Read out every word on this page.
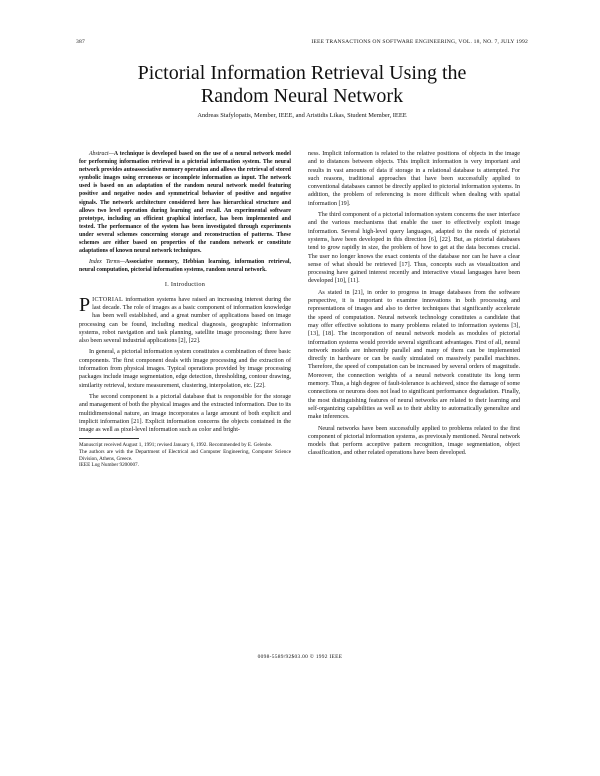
387	IEEE TRANSACTIONS ON SOFTWARE ENGINEERING, VOL. 18, NO. 7, JULY 1992
Pictorial Information Retrieval Using the
Random Neural Network
Andreas Stafylopatis, Member, IEEE, and Aristidis Likas, Student Member, IEEE

Abstract—A technique is developed based on the use of a neural network model for performing information retrieval in a pictorial information system. The neural network provides autoassociative memory operation and allows the retrieval of stored symbolic images using erroneous or incomplete information as input. The network used is based on an adaptation of the random neural network model featuring positive and negative nodes and symmetrical behavior of positive and negative signals. The network architecture considered here has hierarchical structure and allows two level operation during learning and recall. An experimental software prototype, including an efficient graphical interface, has been implemented and tested. The performance of the system has been investigated through experiments under several schemes concerning storage and reconstruction of patterns. These schemes are either based on properties of the random network or constitute adaptations of known neural network techniques.

Index Terms—Associative memory, Hebbian learning, information retrieval, neural computation, pictorial information systems, random neural network.

I. Introduction

PICTORIAL information systems have raised an increasing interest during the last decade. The role of images as a basic component of information knowledge has been well established, and a great number of applications based on image processing can be found, including medical diagnosis, geographic information systems, robot navigation and task planning, satellite image processing; there have also been several industrial applications [2], [22].

In general, a pictorial information system constitutes a combination of three basic components. The first component deals with image processing and the extraction of information from physical images. Typical operations provided by image processing packages include image segmentation, edge detection, thresholding, contour drawing, similarity retrieval, texture measurement, clustering, interpolation, etc. [22].

The second component is a pictorial database that is responsible for the storage and management of both the physical images and the extracted information. Due to its multidimensional nature, an image incorporates a large amount of both explicit and implicit information [21]. Explicit information concerns the objects contained in the image as well as pixel-level information such as color and bright-

Manuscript received August 1, 1991; revised January 6, 1992. Recommended by E. Gelenbe.

The authors are with the Department of Electrical and Computer Engineering, Computer Science Division, Athens, Greece.

IEEE Log Number 9200007.

ness. Implicit information is related to the relative positions of objects in the image and to distances between objects. This implicit information is very important and results in vast amounts of data if storage in a relational database is attempted. For such reasons, traditional approaches that have been successfully applied to conventional databases cannot be directly applied to pictorial information systems. In addition, the problem of referencing is more difficult when dealing with spatial information [19].

The third component of a pictorial information system concerns the user interface and the various mechanisms that enable the user to effectively exploit image information. Several high-level query languages, adapted to the needs of pictorial systems, have been developed in this direction [6], [22]. But, as pictorial databases tend to grow rapidly in size, the problem of how to get at the data becomes crucial. The user no longer knows the exact contents of the database nor can he have a clear sense of what should be retrieved [17]. Thus, concepts such as visualization and processing have gained interest recently and interactive visual languages have been developed [10], [11].

As stated in [21], in order to progress in image databases from the software perspective, it is important to examine innovations in both processing and representations of images and also to derive techniques that significantly accelerate the speed of computation. Neural network technology constitutes a candidate that may offer effective solutions to many problems related to information systems [3], [13], [18]. The incorporation of neural network models as modules of pictorial information systems would provide several significant advantages. First of all, neural network models are inherently parallel and many of them can be implemented directly in hardware or can be easily simulated on massively parallel machines. Therefore, the speed of computation can be increased by several orders of magnitude. Moreover, the connection weights of a neural network constitute its long term memory. Thus, a high degree of fault-tolerance is achieved, since the damage of some connections or neurons does not lead to significant performance degradation. Finally, the most distinguishing features of neural networks are related to their learning and self-organizing capabilities as well as to their ability to automatically generalize and make inferences.

Neural networks have been successfully applied to problems related to the first component of pictorial information systems, as previously mentioned. Neural network models that perform acceptive pattern recognition, image segmentation, object classification, and other related operations have been developed.

0098-5589/92$03.00 © 1992 IEEE
